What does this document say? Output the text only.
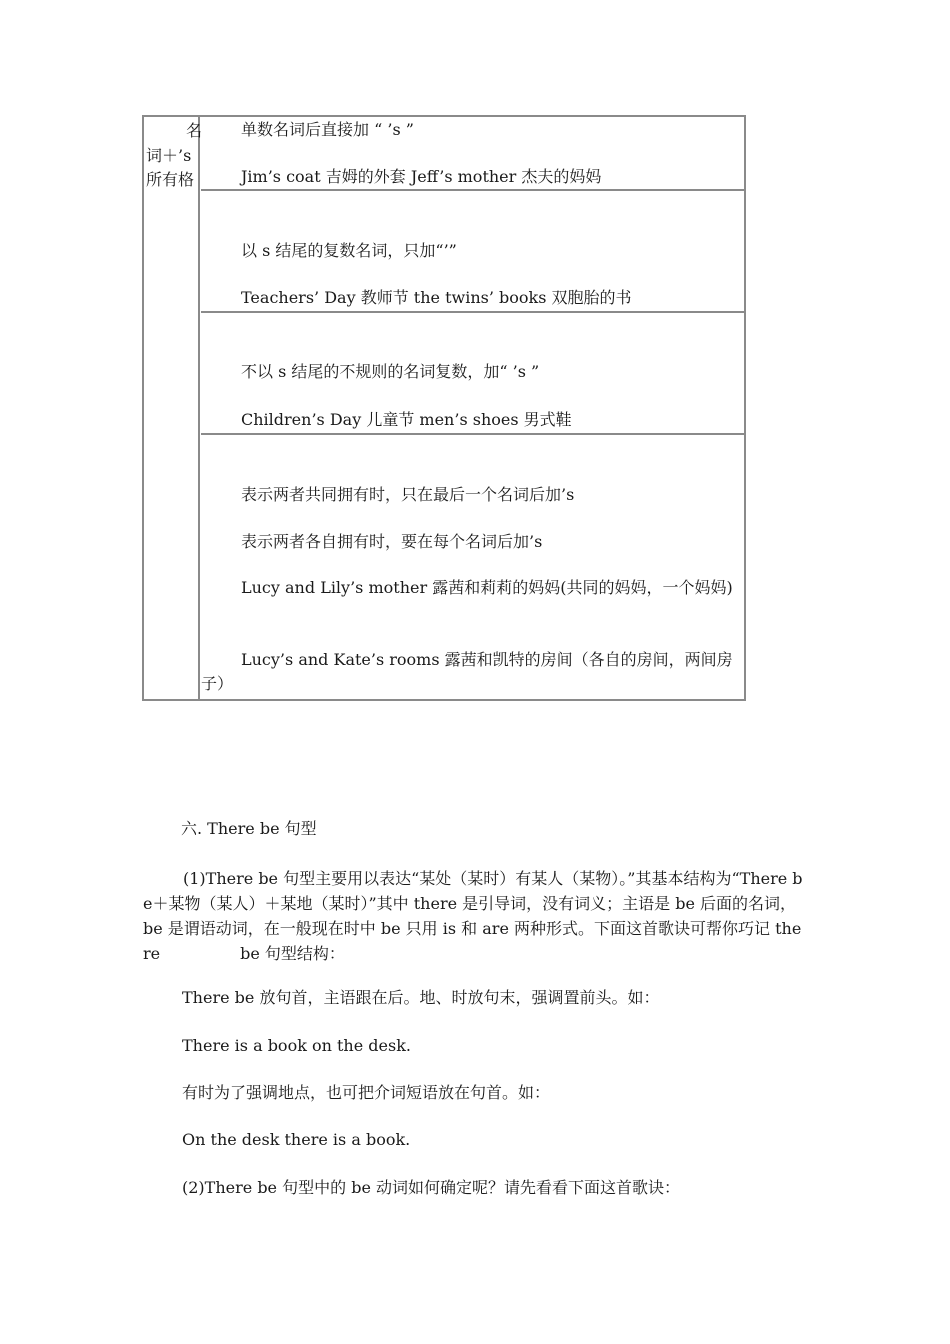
名词＋’s所有格
单数名词后直接加 “ ’s ”
Jim’s coat 吉姆的外套 Jeff’s mother 杰夫的妈妈
以 s 结尾的复数名词，只加“’”
Teachers’ Day 教师节 the twins’ books 双胞胎的书
不以 s 结尾的不规则的名词复数，加“ ’s ”
Children’s Day 儿童节 men’s shoes 男式鞋
表示两者共同拥有时，只在最后一个名词后加’s
表示两者各自拥有时，要在每个名词后加’s
Lucy and Lily’s mother 露茜和莉莉的妈妈(共同的妈妈，一个妈妈)
Lucy’s and Kate’s rooms 露茜和凯特的房间（各自的房间，两间房子）
六. There be 句型
(1)There be 句型主要用以表达“某处（某时）有某人（某物）。”其基本结构为“There be＋某物（某人）＋某地（某时）”其中 there 是引导词，没有词义；主语是 be 后面的名词， be 是谓语动词，在一般现在时中 be 只用 is 和 are 两种形式。下面这首歌诀可帮你巧记 there	be 句型结构：
There be 放句首，主语跟在后。地、时放句末，强调置前头。如：
There is a book on the desk.
有时为了强调地点，也可把介词短语放在句首。如：
On the desk there is a book.
(2)There be 句型中的 be 动词如何确定呢？请先看看下面这首歌诀：
